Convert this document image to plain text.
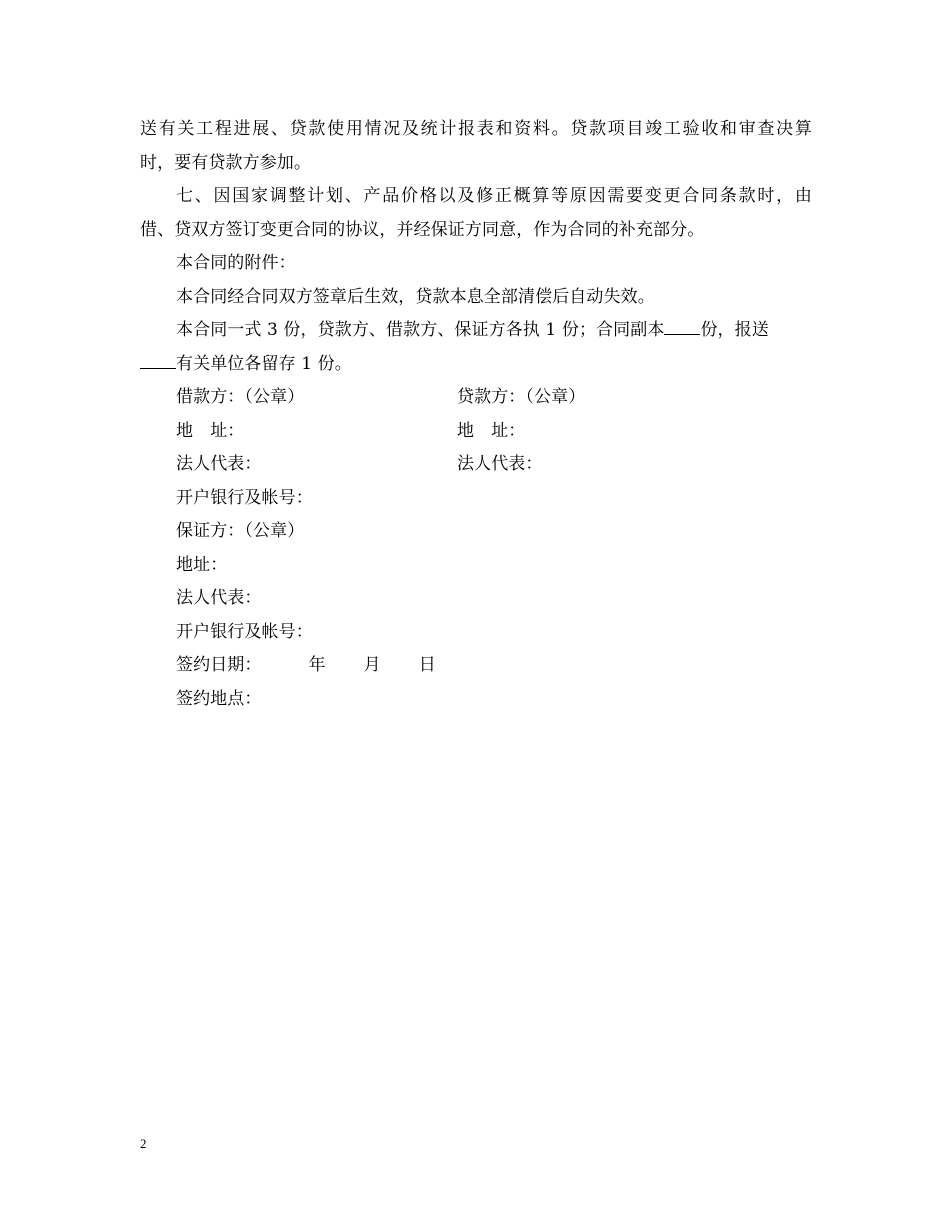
送有关工程进展、贷款使用情况及统计报表和资料。贷款项目竣工验收和审查决算
时，要有贷款方参加。
七、因国家调整计划、产品价格以及修正概算等原因需要变更合同条款时，由
借、贷双方签订变更合同的协议，并经保证方同意，作为合同的补充部分。
本合同的附件：
本合同经合同双方签章后生效，贷款本息全部清偿后自动失效。
本合同一式 3 份，贷款方、借款方、保证方各执 1 份；合同副本 份，报送
有关单位各留存 1 份。
借款方：（公章）	贷款方：（公章）
地　址：	地　址：
法人代表：	法人代表：
开户银行及帐号：
保证方：（公章）
地址：
法人代表：
开户银行及帐号：
签约日期：	年 月 日
签约地点：
2
